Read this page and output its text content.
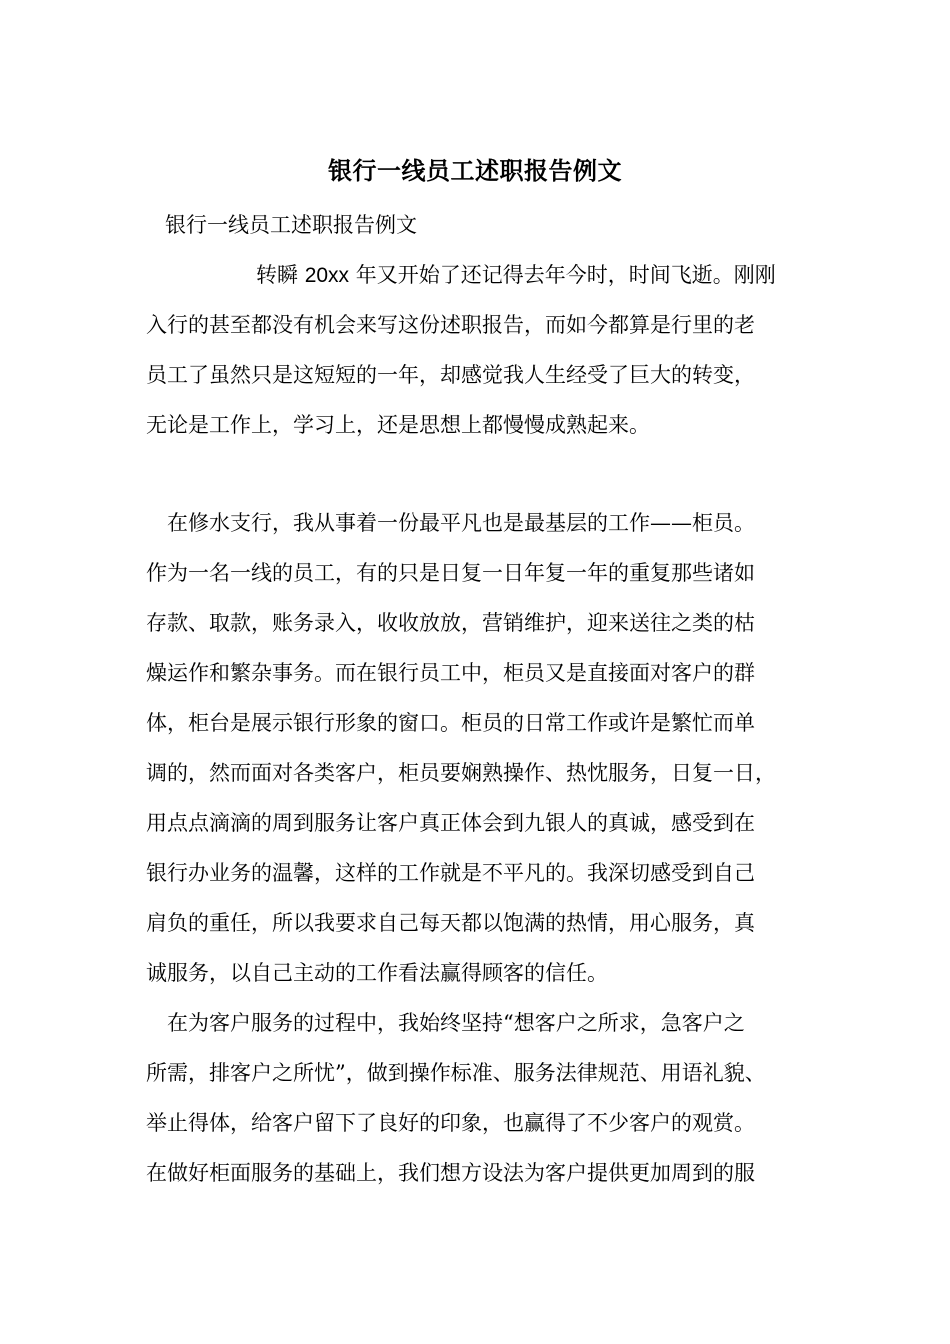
银行一线员工述职报告例文
银行一线员工述职报告例文
转瞬 20xx 年又开始了还记得去年今时，时间飞逝。刚刚
入行的甚至都没有机会来写这份述职报告，而如今都算是行里的老
员工了虽然只是这短短的一年，却感觉我人生经受了巨大的转变，
无论是工作上，学习上，还是思想上都慢慢成熟起来。
在修水支行，我从事着一份最平凡也是最基层的工作——柜员。
作为一名一线的员工，有的只是日复一日年复一年的重复那些诸如
存款、取款，账务录入，收收放放，营销维护，迎来送往之类的枯
燥运作和繁杂事务。而在银行员工中，柜员又是直接面对客户的群
体，柜台是展示银行形象的窗口。柜员的日常工作或许是繁忙而单
调的，然而面对各类客户，柜员要娴熟操作、热忱服务，日复一日，
用点点滴滴的周到服务让客户真正体会到九银人的真诚，感受到在
银行办业务的温馨，这样的工作就是不平凡的。我深切感受到自己
肩负的重任，所以我要求自己每天都以饱满的热情，用心服务，真
诚服务，以自己主动的工作看法赢得顾客的信任。
在为客户服务的过程中，我始终坚持“想客户之所求，急客户之
所需，排客户之所忧”，做到操作标准、服务法律规范、用语礼貌、
举止得体，给客户留下了良好的印象，也赢得了不少客户的观赏。
在做好柜面服务的基础上，我们想方设法为客户提供更加周到的服
